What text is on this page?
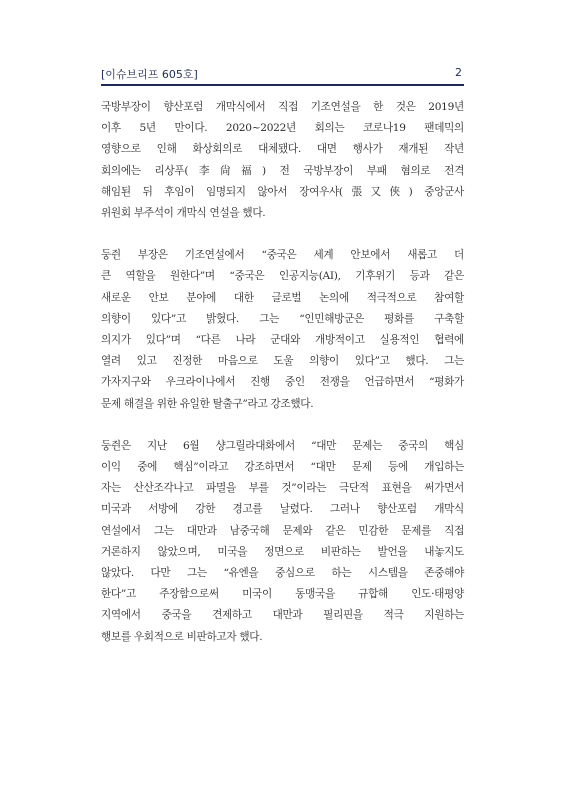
[이슈브리프 605호]	2
국방부장이 향산포럼 개막식에서 직접 기조연설을 한 것은 2019년
이후 5년 만이다. 2020~2022년 회의는 코로나19 팬데믹의
영향으로 인해 화상회의로 대체됐다. 대면 행사가 재개된 작년
회의에는 리상푸(李尙福) 전 국방부장이 부패 혐의로 전격
해임된 뒤 후임이 임명되지 않아서 장여우샤(張又俠) 중앙군사
위원회 부주석이 개막식 연설을 했다.
둥쥔 부장은 기조연설에서 “중국은 세계 안보에서 새롭고 더
큰 역할을 원한다”며 “중국은 인공지능(AI), 기후위기 등과 같은
새로운 안보 분야에 대한 글로벌 논의에 적극적으로 참여할
의향이 있다”고 밝혔다. 그는 “인민해방군은 평화를 구축할
의지가 있다”며 “다른 나라 군대와 개방적이고 실용적인 협력에
열려 있고 진정한 마음으로 도울 의향이 있다”고 했다. 그는
가자지구와 우크라이나에서 진행 중인 전쟁을 언급하면서 “평화가
문제 해결을 위한 유일한 탈출구”라고 강조했다.
둥쥔은 지난 6월 샹그릴라대화에서 “대만 문제는 중국의 핵심
이익 중에 핵심”이라고 강조하면서 “대만 문제 등에 개입하는
자는 산산조각나고 파멸을 부를 것”이라는 극단적 표현을 써가면서
미국과 서방에 강한 경고를 날렸다. 그러나 향산포럼 개막식
연설에서 그는 대만과 남중국해 문제와 같은 민감한 문제를 직접
거론하지 않았으며, 미국을 정면으로 비판하는 발언을 내놓지도
않았다. 다만 그는 “유엔을 중심으로 하는 시스템을 존중해야
한다”고 주장함으로써 미국이 동맹국을 규합해 인도·태평양
지역에서 중국을 견제하고 대만과 필리핀을 적극 지원하는
행보를 우회적으로 비판하고자 했다.
